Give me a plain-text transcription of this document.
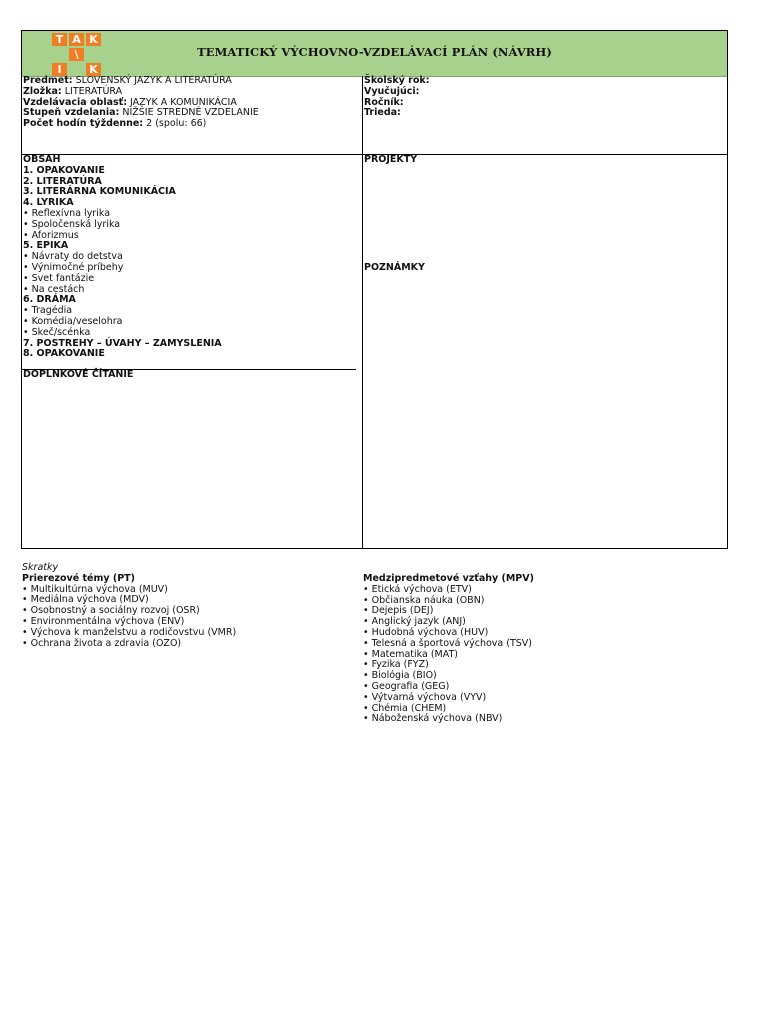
T A K
\
I	K
TEMATICKÝ VÝCHOVNO-VZDELÁVACÍ PLÁN (NÁVRH)
Predmet: SLOVENSKÝ JAZYK A LITERATÚRA
Zložka: LITERATÚRA
Vzdelávacia oblasť: JAZYK A KOMUNIKÁCIA
Stupeň vzdelania: NIŽŠIE STREDNÉ VZDELANIE
Počet hodín týždenne: 2 (spolu: 66)
Školský rok:
Vyučujúci:
Ročník:
Trieda:
OBSAH
1. OPAKOVANIE
2. LITERATÚRA
3. LITERÁRNA KOMUNIKÁCIA
4. LYRIKA
• Reflexívna lyrika
• Spoločenská lyrika
• Aforizmus
5. EPIKA
• Návraty do detstva
• Výnimočné príbehy
• Svet fantázie
• Na cestách
6. DRÁMA
• Tragédia
• Komédia/veselohra
• Skeč/scénka
7. POSTREHY – ÚVAHY – ZAMYSLENIA
8. OPAKOVANIE
DOPLNKOVÉ ČÍTANIE
PROJEKTY
POZNÁMKY
Skratky
Prierezové témy (PT)
• Multikultúrna výchova (MUV)
• Mediálna výchova (MDV)
• Osobnostný a sociálny rozvoj (OSR)
• Environmentálna výchova (ENV)
• Výchova k manželstvu a rodičovstvu (VMR)
• Ochrana života a zdravia (OZO)
Medzipredmetové vzťahy (MPV)
• Etická výchova (ETV)
• Občianska náuka (OBN)
• Dejepis (DEJ)
• Anglický jazyk (ANJ)
• Hudobná výchova (HUV)
• Telesná a športová výchova (TSV)
• Matematika (MAT)
• Fyzika (FYZ)
• Biológia (BIO)
• Geografia (GEG)
• Výtvarná výchova (VYV)
• Chémia (CHEM)
• Náboženská výchova (NBV)
